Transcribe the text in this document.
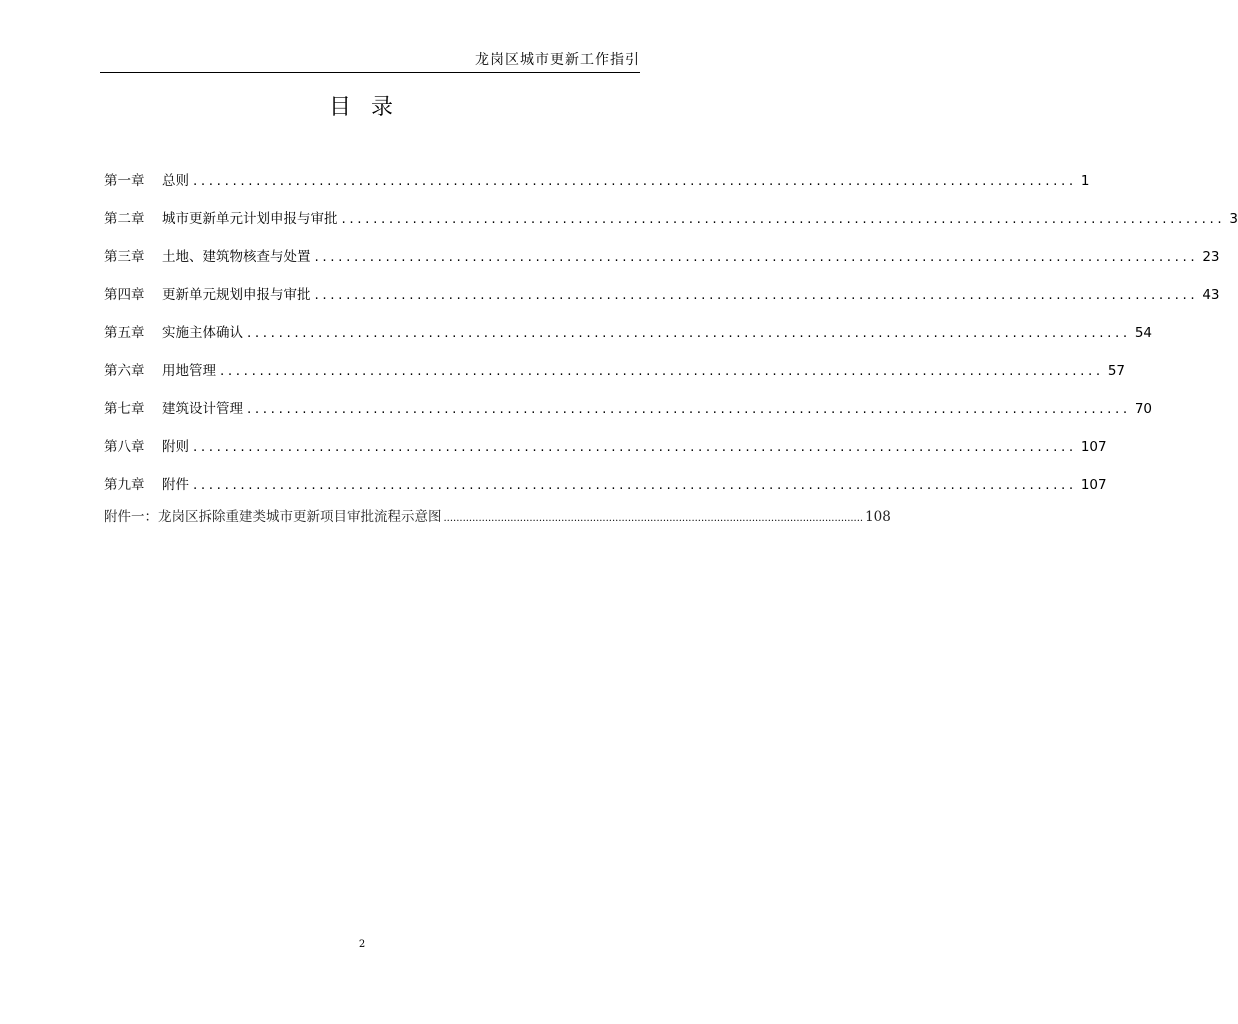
龙岗区城市更新工作指引
目  录
第一章	总则 ................................................................................................................ 1
第二章	城市更新单元计划申报与审批 ................................................................................................................ 3
第三章	土地、建筑物核查与处置 ................................................................................................................ 23
第四章	更新单元规划申报与审批 ................................................................................................................ 43
第五章	实施主体确认 ................................................................................................................ 54
第六章	用地管理 ................................................................................................................ 57
第七章	建筑设计管理 ................................................................................................................ 70
第八章	附则 ................................................................................................................ 107
第九章	附件 ................................................................................................................ 107
附件一： 龙岗区拆除重建类城市更新项目审批流程示意图 .................................................................................................................................... 108
2
